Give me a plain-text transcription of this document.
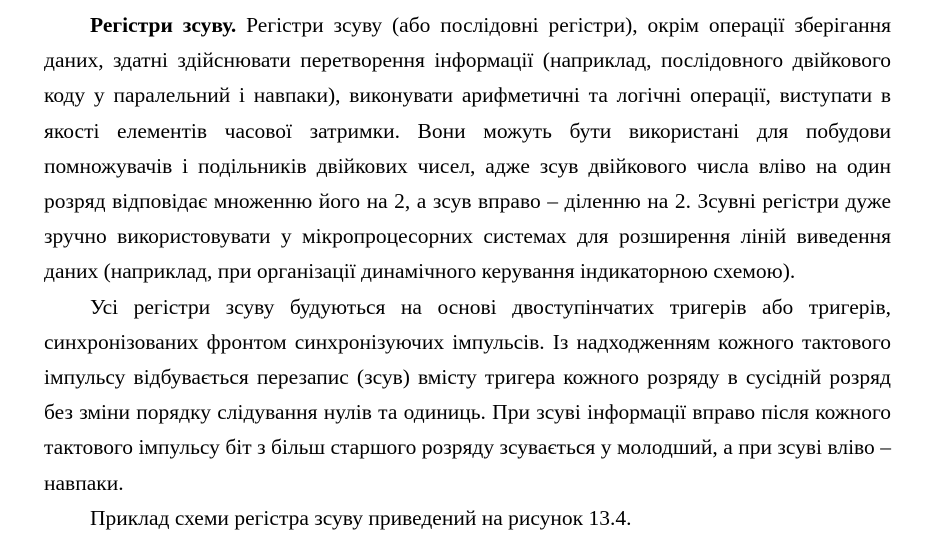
Регістри зсуву. Регістри зсуву (або послідовні регістри), окрім операції зберігання даних, здатні здійснювати перетворення інформації (наприклад, послідовного двійкового коду у паралельний і навпаки), виконувати арифметичні та логічні операції, виступати в якості елементів часової затримки. Вони можуть бути використані для побудови помножувачів і подільників двійкових чисел, адже зсув двійкового числа вліво на один розряд відповідає множенню його на 2, а зсув вправо – діленню на 2. Зсувні регістри дуже зручно використовувати у мікропроцесорних системах для розширення ліній виведення даних (наприклад, при організації динамічного керування індикаторною схемою).

Усі регістри зсуву будуються на основі двоступінчатих тригерів або тригерів, синхронізованих фронтом синхронізуючих імпульсів. Із надходженням кожного тактового імпульсу відбувається перезапис (зсув) вмісту тригера кожного розряду в сусідній розряд без зміни порядку слідування нулів та одиниць. При зсуві інформації вправо після кожного тактового імпульсу біт з більш старшого розряду зсувається у молодший, а при зсуві вліво – навпаки.

Приклад схеми регістра зсуву приведений на рисунок 13.4.
